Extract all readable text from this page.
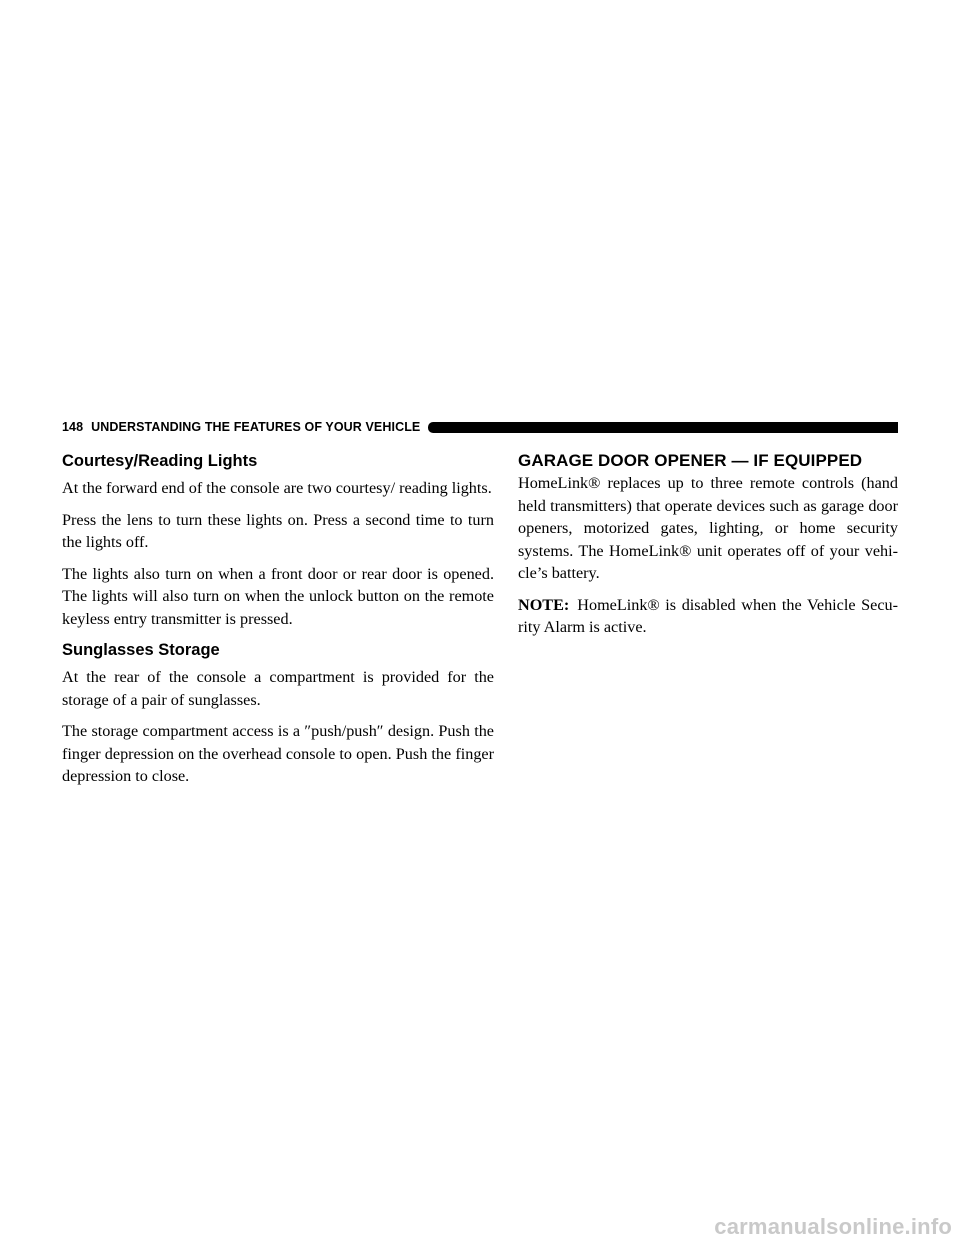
148 UNDERSTANDING THE FEATURES OF YOUR VEHICLE
Courtesy/Reading Lights

At the forward end of the console are two courtesy/ reading lights.

Press the lens to turn these lights on. Press a second time to turn the lights off.

The lights also turn on when a front door or rear door is opened. The lights will also turn on when the unlock button on the remote keyless entry transmitter is pressed.

Sunglasses Storage

At the rear of the console a compartment is provided for the storage of a pair of sunglasses.

The storage compartment access is a ″push/push″ design. Push the finger depression on the overhead console to open. Push the finger depression to close.

GARAGE DOOR OPENER — IF EQUIPPED

HomeLink® replaces up to three remote controls (hand held transmitters) that operate devices such as garage door openers, motorized gates, lighting, or home security systems. The HomeLink® unit operates off of your vehi- cle’s battery.

NOTE: HomeLink® is disabled when the Vehicle Secu- rity Alarm is active.

carmanualsonline.info
